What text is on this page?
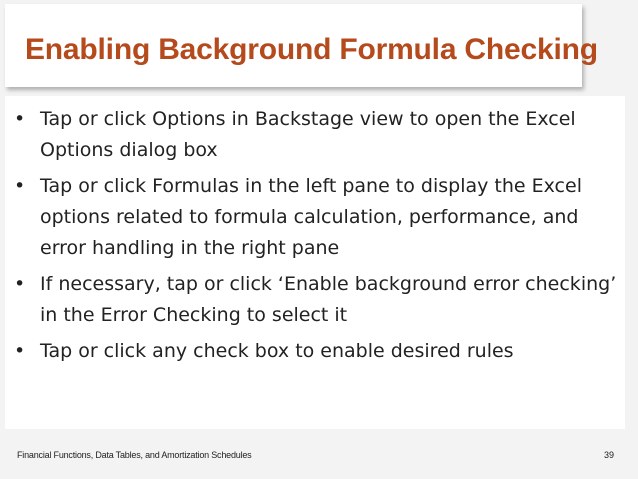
Enabling Background Formula Checking
• Tap or click Options in Backstage view to open the Excel Options dialog box
• Tap or click Formulas in the left pane to display the Excel options related to formula calculation, performance, and error handling in the right pane
• If necessary, tap or click ‘Enable background error checking’ in the Error Checking to select it
• Tap or click any check box to enable desired rules
Financial Functions, Data Tables, and Amortization Schedules	39
